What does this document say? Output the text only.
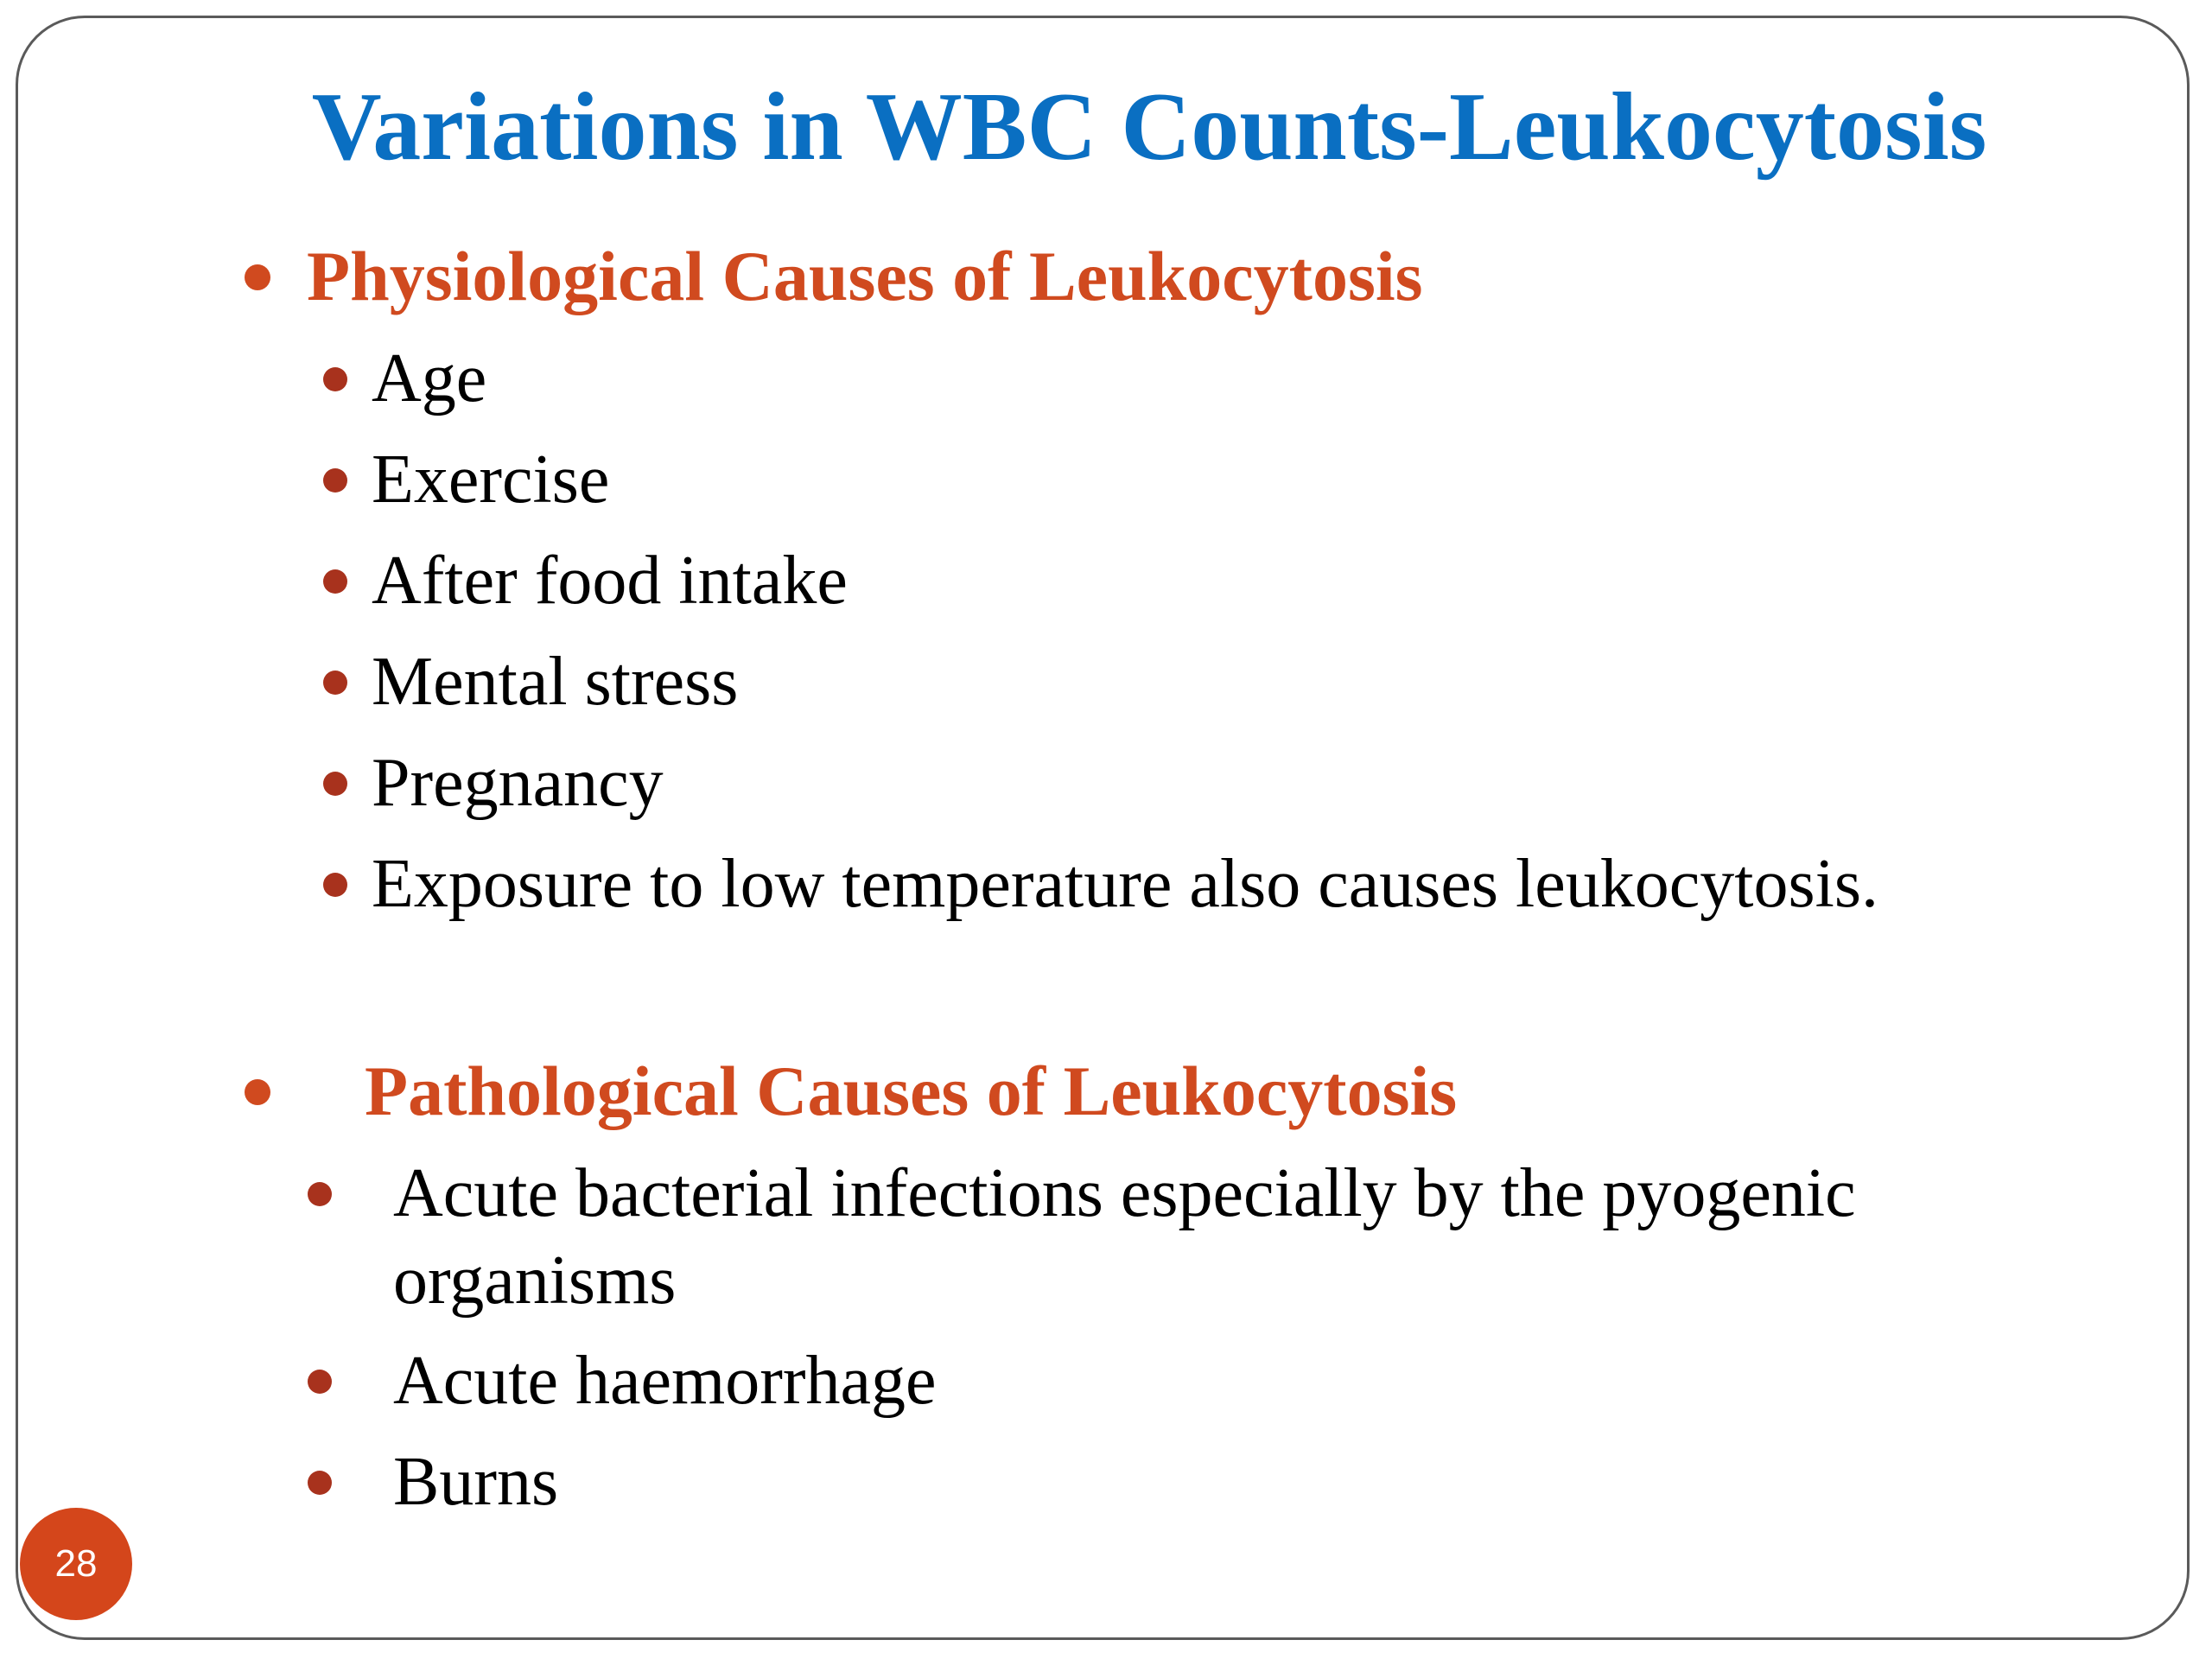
Variations in WBC Counts-Leukocytosis
Physiological Causes of Leukocytosis
Age
Exercise
After food intake
Mental stress
Pregnancy
Exposure to low temperature also causes leukocytosis.
Pathological Causes of Leukocytosis
Acute bacterial infections especially by the pyogenic
organisms
Acute haemorrhage
Burns
28
